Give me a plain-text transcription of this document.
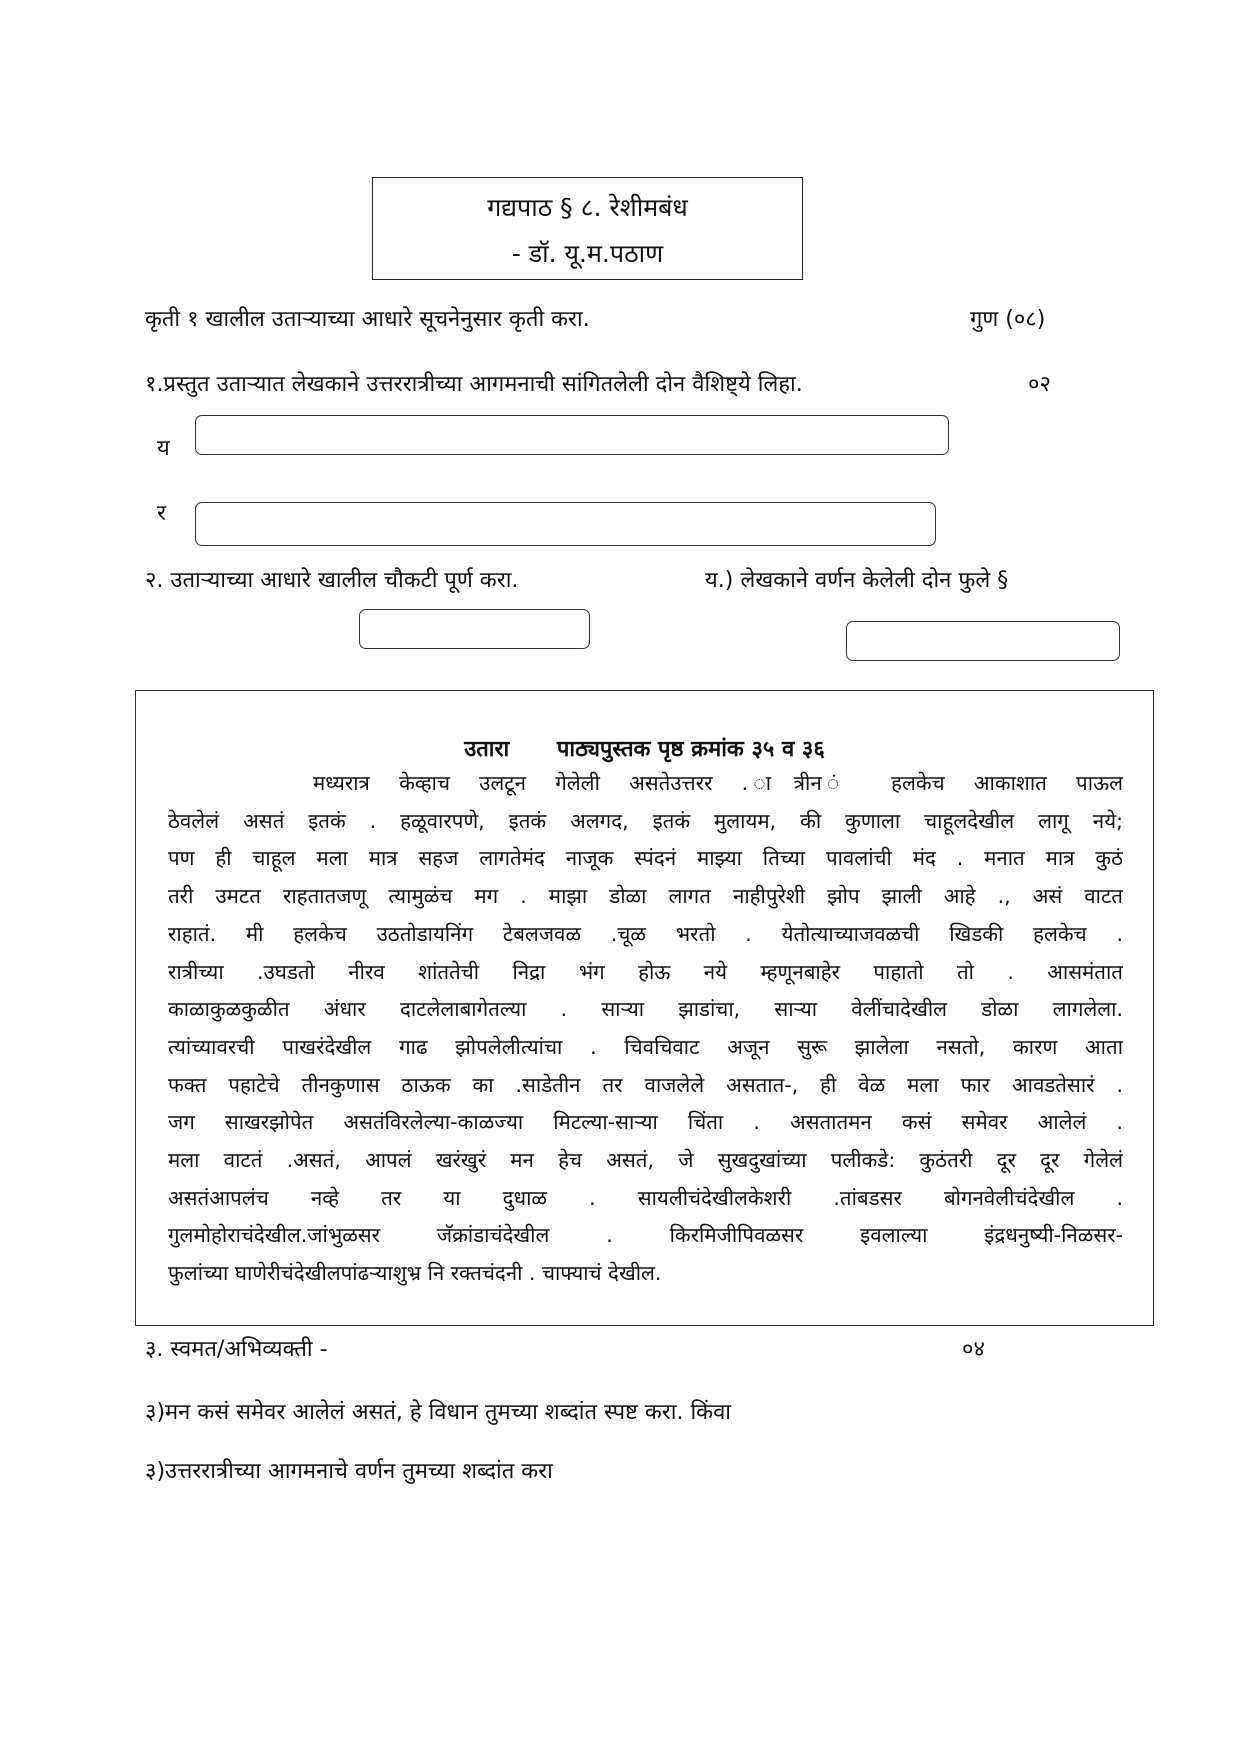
गद्यपाठ § ८. रेशीमबंध
- डॉ. यू.म.पठाण
कृती १ खालील उताऱ्याच्या आधारे सूचनेनुसार कृती करा.	गुण (०८)
१.प्रस्तुत उताऱ्यात लेखकाने उत्तररात्रीच्या आगमनाची सांगितलेली दोन वैशिष्ट्ये लिहा.	०२
य
र
२. उताऱ्याच्या आधारे खालील चौकटी पूर्ण करा.	य.) लेखकाने वर्णन केलेली दोन फुले §
उतारा पाठ्यपुस्तक पृष्ठ क्रमांक ३५ व ३६
मध्यरात्र केव्हाच उलटून गेलेली असतेउत्तरर . ात्रीन ं हलकेच आकाशात पाऊल
ठेवलेलं असतं इतकं . हळूवारपणे, इतकं अलगद, इतकं मुलायम, की कुणाला चाहूलदेखील लागू नये;
पण ही चाहूल मला मात्र सहज लागतेमंद नाजूक स्पंदनं माझ्या तिच्या पावलांची मंद . मनात मात्र कुठं
तरी उमटत राहतातजणू त्यामुळंच मग . माझा डोळा लागत नाहीपुरेशी झोप झाली आहे ., असं वाटत
राहातं. मी हलकेच उठतोडायनिंग टेबलजवळ .चूळ भरतो . येतोत्याच्याजवळची खिडकी हलकेच .
रात्रीच्या .उघडतो नीरव शांततेची निद्रा भंग होऊ नये म्हणूनबाहेर पाहातो तो . आसमंतात
काळाकुळकुळीत अंधार दाटलेलाबागेतल्या . साऱ्या झाडांचा, साऱ्या वेलींचादेखील डोळा लागलेला.
त्यांच्यावरची पाखरंदेखील गाढ झोपलेलीत्यांचा . चिवचिवाट अजून सुरू झालेला नसतो, कारण आता
फक्त पहाटेचे तीनकुणास ठाऊक का .साडेतीन तर वाजलेले असतात-, ही वेळ मला फार आवडतेसारं .
जग साखरझोपेत असतंविरलेल्या-काळज्या मिटल्या-साऱ्या चिंता . असतातमन कसं समेवर आलेलं .
मला वाटतं .असतं, आपलं खरंखुरं मन हेच असतं, जे सुखदुखांच्या पलीकडे: कुठंतरी दूर दूर गेलेलं
असतंआपलंच नव्हे तर या दुधाळ . सायलीचंदेखीलकेशरी .तांबडसर बोगनवेलीचंदेखील .
गुलमोहोराचंदेखील.जांभुळसर जॅक्रांडाचंदेखील . किरमिजीपिवळसर इवलाल्या इंद्रधनुष्यी-निळसर-
फुलांच्या घाणेरीचंदेखीलपांढऱ्याशुभ्र नि रक्तचंदनी . चाफ्याचं देखील.
३. स्वमत/अभिव्यक्ती -	०४
३)मन कसं समेवर आलेलं असतं, हे विधान तुमच्या शब्दांत स्पष्ट करा. किंवा
३)उत्तररात्रीच्या आगमनाचे वर्णन तुमच्या शब्दांत करा
